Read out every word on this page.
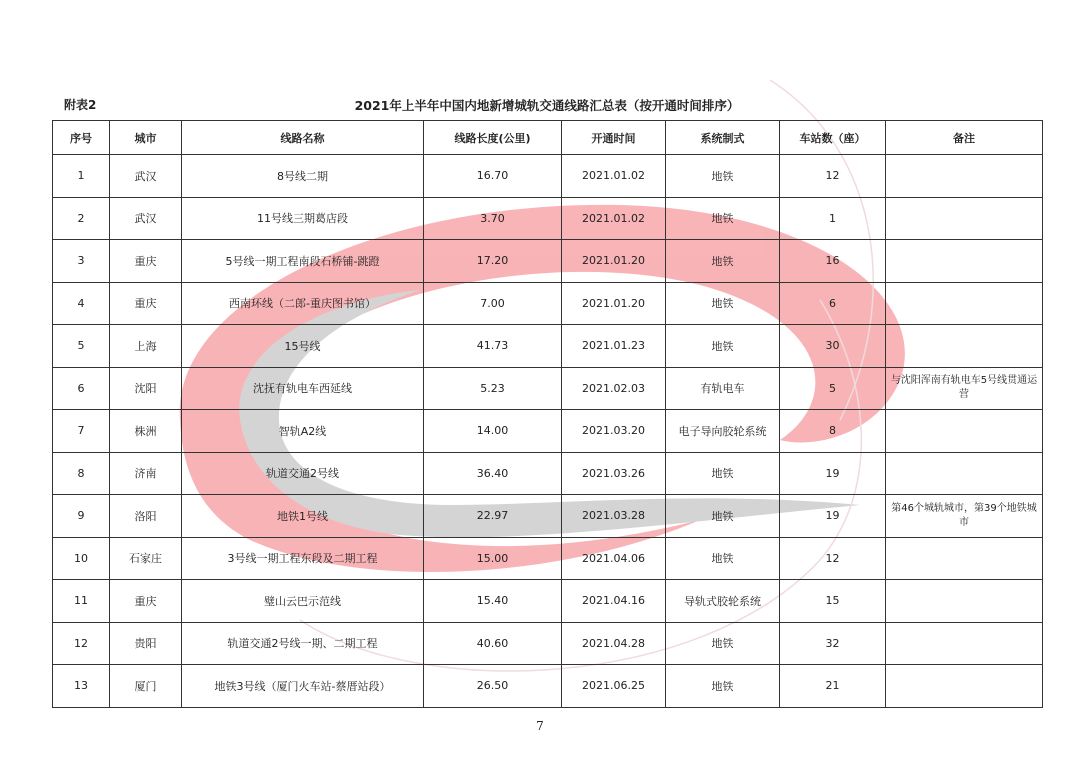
附表2	2021年上半年中国内地新增城轨交通线路汇总表（按开通时间排序）
序号	城市	线路名称	线路长度(公里)	开通时间	系统制式	车站数（座）	备注
1	武汉	8号线二期	16.70	2021.01.02	地铁	12	
2	武汉	11号线三期葛店段	3.70	2021.01.02	地铁	1	
3	重庆	5号线一期工程南段石桥铺-跳蹬	17.20	2021.01.20	地铁	16	
4	重庆	西南环线（二郎-重庆图书馆）	7.00	2021.01.20	地铁	6	
5	上海	15号线	41.73	2021.01.23	地铁	30	
6	沈阳	沈抚有轨电车西延线	5.23	2021.02.03	有轨电车	5	与沈阳浑南有轨电车5号线贯通运营
7	株洲	智轨A2线	14.00	2021.03.20	电子导向胶轮系统	8	
8	济南	轨道交通2号线	36.40	2021.03.26	地铁	19	
9	洛阳	地铁1号线	22.97	2021.03.28	地铁	19	第46个城轨城市，第39个地铁城市
10	石家庄	3号线一期工程东段及二期工程	15.00	2021.04.06	地铁	12	
11	重庆	璧山云巴示范线	15.40	2021.04.16	导轨式胶轮系统	15	
12	贵阳	轨道交通2号线一期、二期工程	40.60	2021.04.28	地铁	32	
13	厦门	地铁3号线（厦门火车站-蔡厝站段）	26.50	2021.06.25	地铁	21	
7
